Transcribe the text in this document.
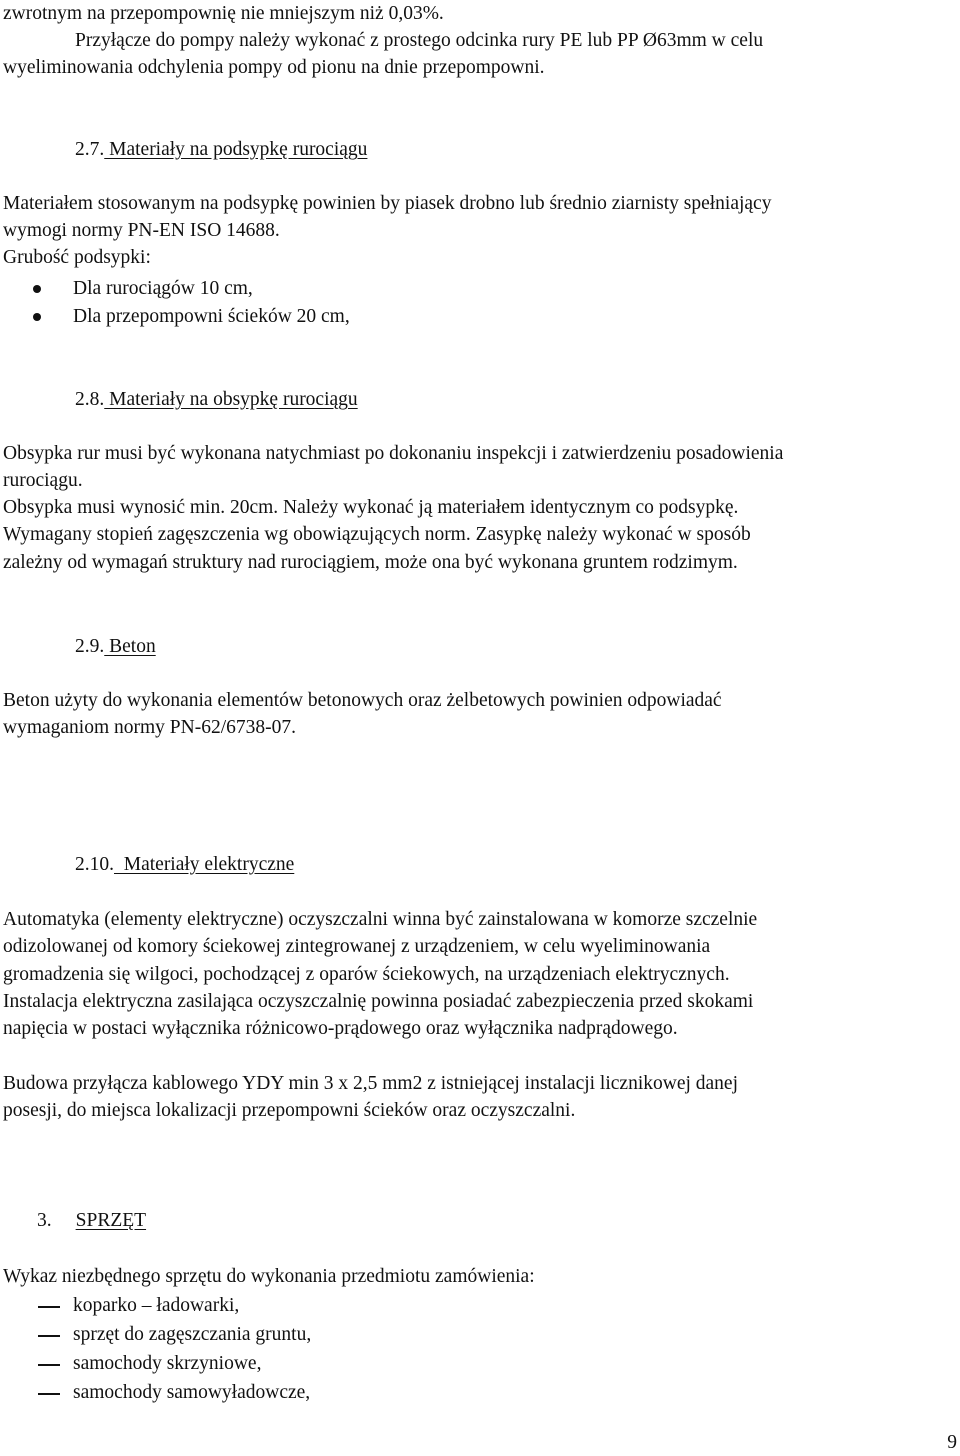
zwrotnym na przepompownię nie mniejszym niż 0,03%.
Przyłącze do pompy należy wykonać z prostego odcinka rury PE lub PP Ø63mm w celu
wyeliminowania odchylenia pompy od pionu na dnie przepompowni.
2.7. Materiały na podsypkę rurociągu
Materiałem stosowanym na podsypkę powinien by piasek drobno lub średnio ziarnisty spełniający
wymogi normy PN-EN ISO 14688.
Grubość podsypki:
Dla rurociągów 10 cm,
Dla przepompowni ścieków 20 cm,
2.8. Materiały na obsypkę rurociągu
Obsypka rur musi być wykonana natychmiast po dokonaniu inspekcji i zatwierdzeniu posadowienia
rurociągu.
Obsypka musi wynosić min. 20cm. Należy wykonać ją materiałem identycznym co podsypkę.
Wymagany stopień zagęszczenia wg obowiązujących norm. Zasypkę należy wykonać w sposób
zależny od wymagań struktury nad rurociągiem, może ona być wykonana gruntem rodzimym.
2.9. Beton
Beton użyty do wykonania elementów betonowych oraz żelbetowych powinien odpowiadać
wymaganiom normy PN-62/6738-07.
2.10.  Materiały elektryczne
Automatyka (elementy elektryczne) oczyszczalni winna być zainstalowana w komorze szczelnie
odizolowanej od komory ściekowej zintegrowanej z urządzeniem, w celu wyeliminowania
gromadzenia się wilgoci, pochodzącej z oparów ściekowych, na urządzeniach elektrycznych.
Instalacja elektryczna zasilająca oczyszczalnię powinna posiadać zabezpieczenia przed skokami
napięcia w postaci wyłącznika różnicowo-prądowego oraz wyłącznika nadprądowego.
Budowa przyłącza kablowego YDY min 3 x 2,5 mm2 z istniejącej instalacji licznikowej danej
posesji, do miejsca lokalizacji przepompowni ścieków oraz oczyszczalni.
3. SPRZĘT
Wykaz niezbędnego sprzętu do wykonania przedmiotu zamówienia:
koparko – ładowarki,
sprzęt do zagęszczania gruntu,
samochody skrzyniowe,
samochody samowyładowcze,
9
